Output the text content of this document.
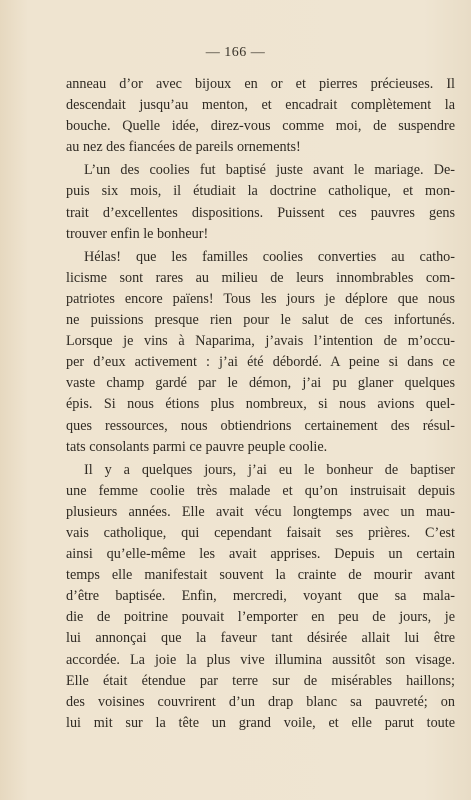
— 166 —
anneau d’or avec bijoux en or et pierres précieuses. Il
descendait jusqu’au menton, et encadrait complètement la
bouche. Quelle idée, direz-vous comme moi, de suspendre
au nez des fiancées de pareils ornements!
L’un des coolies fut baptisé juste avant le mariage. De-
puis six mois, il étudiait la doctrine catholique, et mon-
trait d’excellentes dispositions. Puissent ces pauvres gens
trouver enfin le bonheur!
Hélas! que les familles coolies converties au catho-
licisme sont rares au milieu de leurs innombrables com-
patriotes encore païens! Tous les jours je déplore que nous
ne puissions presque rien pour le salut de ces infortunés.
Lorsque je vins à Naparima, j’avais l’intention de m’occu-
per d’eux activement : j’ai été débordé. A peine si dans ce
vaste champ gardé par le démon, j’ai pu glaner quelques
épis. Si nous étions plus nombreux, si nous avions quel-
ques ressources, nous obtiendrions certainement des résul-
tats consolants parmi ce pauvre peuple coolie.
Il y a quelques jours, j’ai eu le bonheur de baptiser
une femme coolie très malade et qu’on instruisait depuis
plusieurs années. Elle avait vécu longtemps avec un mau-
vais catholique, qui cependant faisait ses prières. C’est
ainsi qu’elle-même les avait apprises. Depuis un certain
temps elle manifestait souvent la crainte de mourir avant
d’être baptisée. Enfin, mercredi, voyant que sa mala-
die de poitrine pouvait l’emporter en peu de jours, je
lui annonçai que la faveur tant désirée allait lui être
accordée. La joie la plus vive illumina aussitôt son visage.
Elle était étendue par terre sur de misérables haillons;
des voisines couvrirent d’un drap blanc sa pauvreté; on
lui mit sur la tête un grand voile, et elle parut toute
